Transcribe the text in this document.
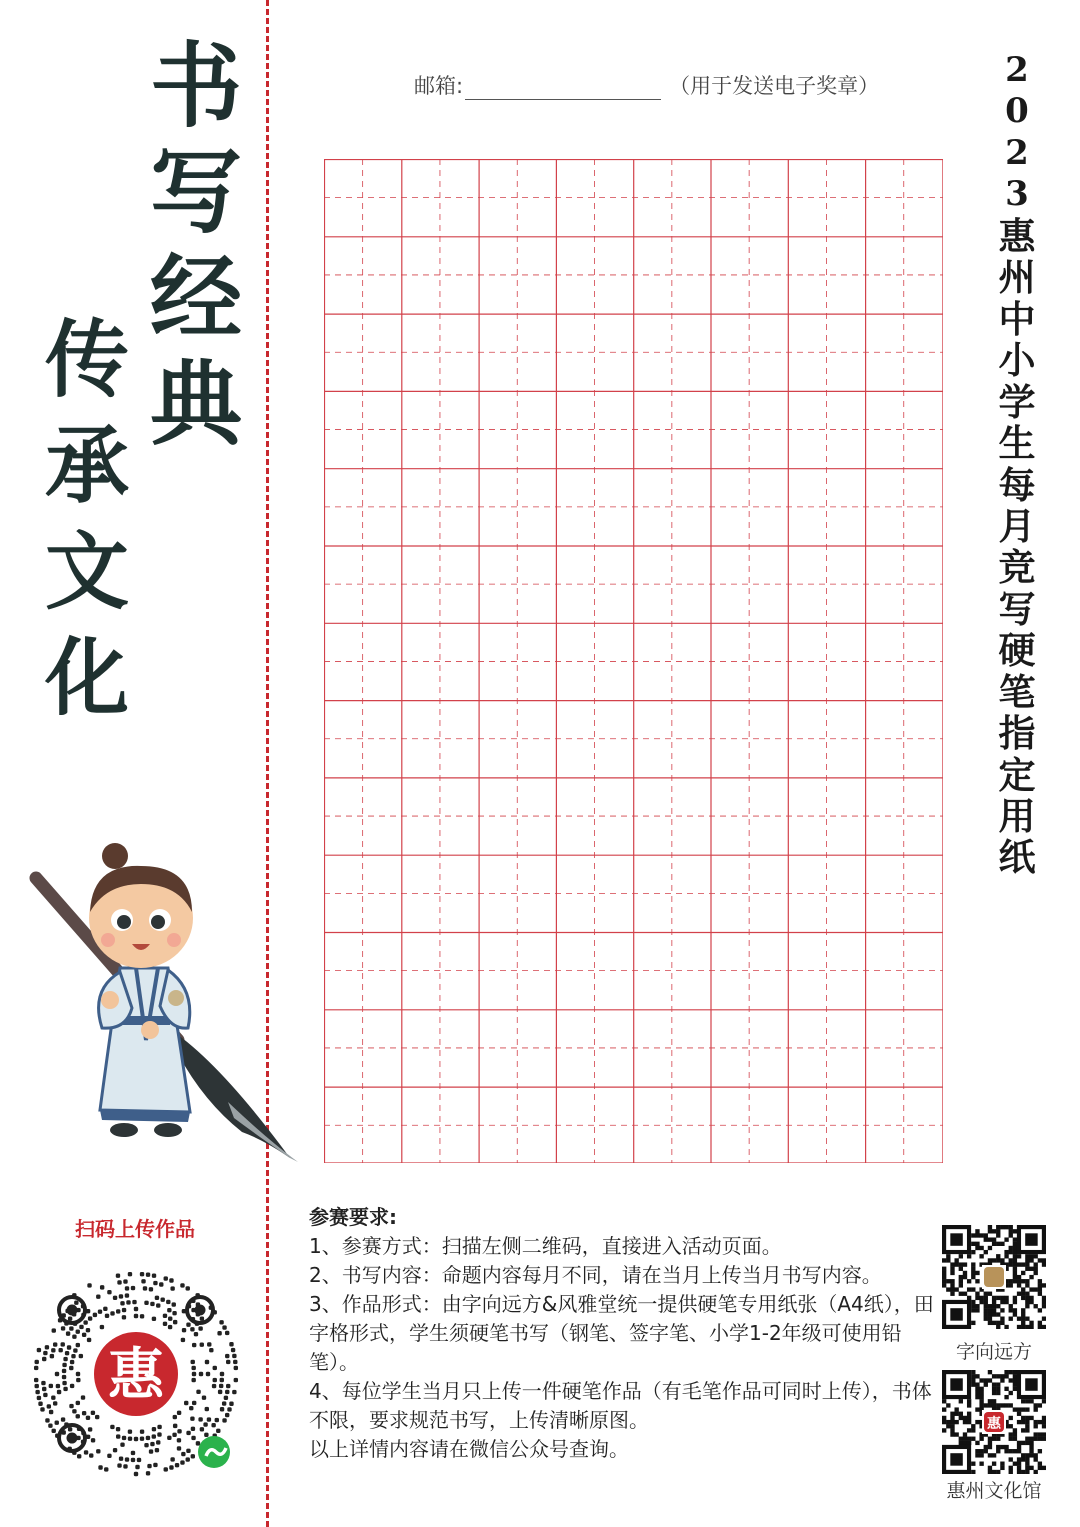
书
写
经
典
传
承
文
化
邮箱:	（用于发送电子奖章）	2
0
2
3
惠
州
中
小
学
生
每
月
竞
写
硬
笔
指
定
用
纸
扫码上传作品
惠

参赛要求:

1、参赛方式：扫描左侧二维码，直接进入活动页面。

2、书写内容：命题内容每月不同，请在当月上传当月书写内容。

3、作品形式：由字向远方&风雅堂统一提供硬笔专用纸张（A4纸），田字格形式，学生须硬笔书写（钢笔、签字笔、小学1-2年级可使用铅笔）。

4、每位学生当月只上传一件硬笔作品（有毛笔作品可同时上传），书体不限，要求规范书写，上传清晰原图。

以上详情内容请在微信公众号查询。

字向远方
惠
惠州文化馆
